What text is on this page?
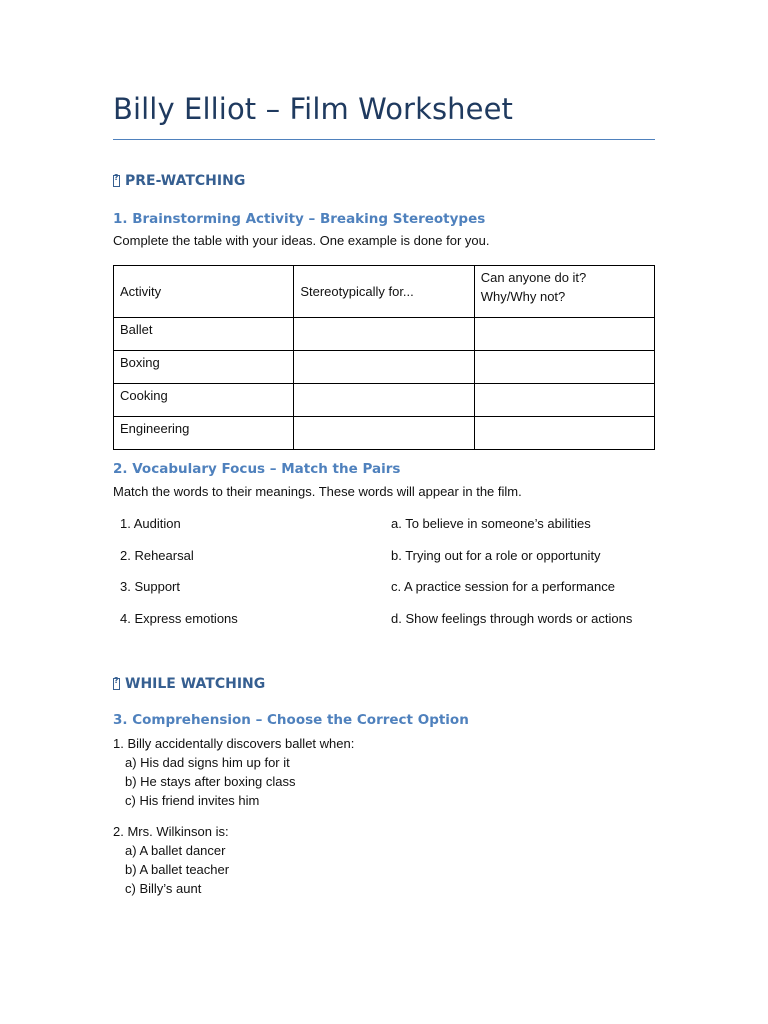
Billy Elliot – Film Worksheet
?
PRE-WATCHING
1. Brainstorming Activity – Breaking Stereotypes
Complete the table with your ideas. One example is done for you.
Activity	Stereotypically for...	Can anyone do it?
Why/Why not?

Ballet		
Boxing		
Cooking		
Engineering		
2. Vocabulary Focus – Match the Pairs
Match the words to their meanings. These words will appear in the film.
1. Audition	a. To believe in someone’s abilities
2. Rehearsal	b. Trying out for a role or opportunity
3. Support	c. A practice session for a performance
4. Express emotions	d. Show feelings through words or actions
?
WHILE WATCHING
3. Comprehension – Choose the Correct Option
1. Billy accidentally discovers ballet when:
a) His dad signs him up for it
b) He stays after boxing class
c) His friend invites him
2. Mrs. Wilkinson is:
a) A ballet dancer
b) A ballet teacher
c) Billy’s aunt
